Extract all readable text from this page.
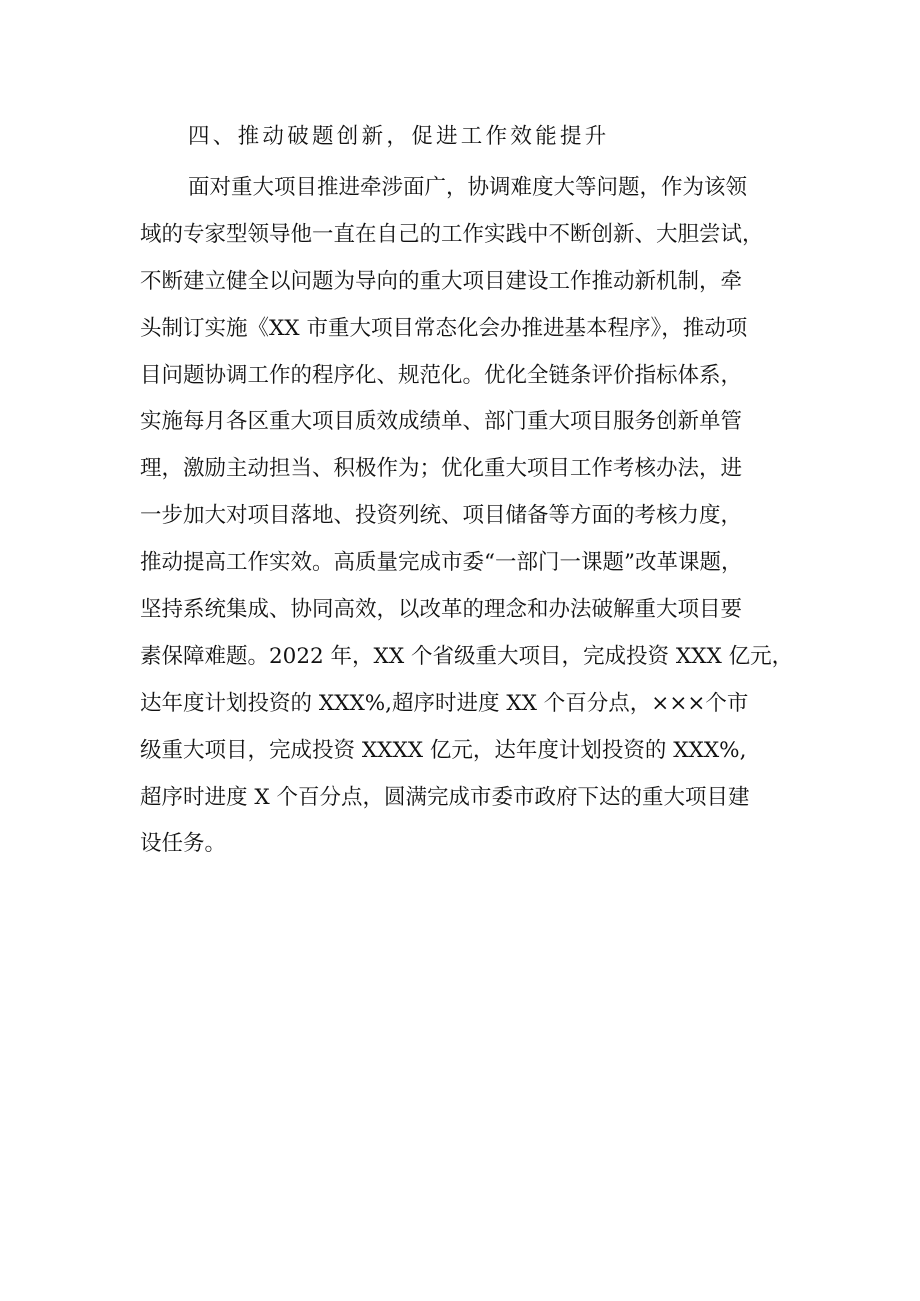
四、推动破题创新，促进工作效能提升

面对重大项目推进牵涉面广，协调难度大等问题，作为该领
域的专家型领导他一直在自己的工作实践中不断创新、大胆尝试，
不断建立健全以问题为导向的重大项目建设工作推动新机制，牵
头制订实施《XX 市重大项目常态化会办推进基本程序》，推动项
目问题协调工作的程序化、规范化。优化全链条评价指标体系，
实施每月各区重大项目质效成绩单、部门重大项目服务创新单管
理，激励主动担当、积极作为；优化重大项目工作考核办法，进
一步加大对项目落地、投资列统、项目储备等方面的考核力度，
推动提高工作实效。高质量完成市委“一部门一课题”改革课题，
坚持系统集成、协同高效，以改革的理念和办法破解重大项目要
素保障难题。2022 年，XX 个省级重大项目，完成投资 XXX 亿元，
达年度计划投资的 XXX%,超序时进度 XX 个百分点，×××个市
级重大项目，完成投资 XXXX 亿元，达年度计划投资的 XXX%,
超序时进度 X 个百分点，圆满完成市委市政府下达的重大项目建
设任务。
